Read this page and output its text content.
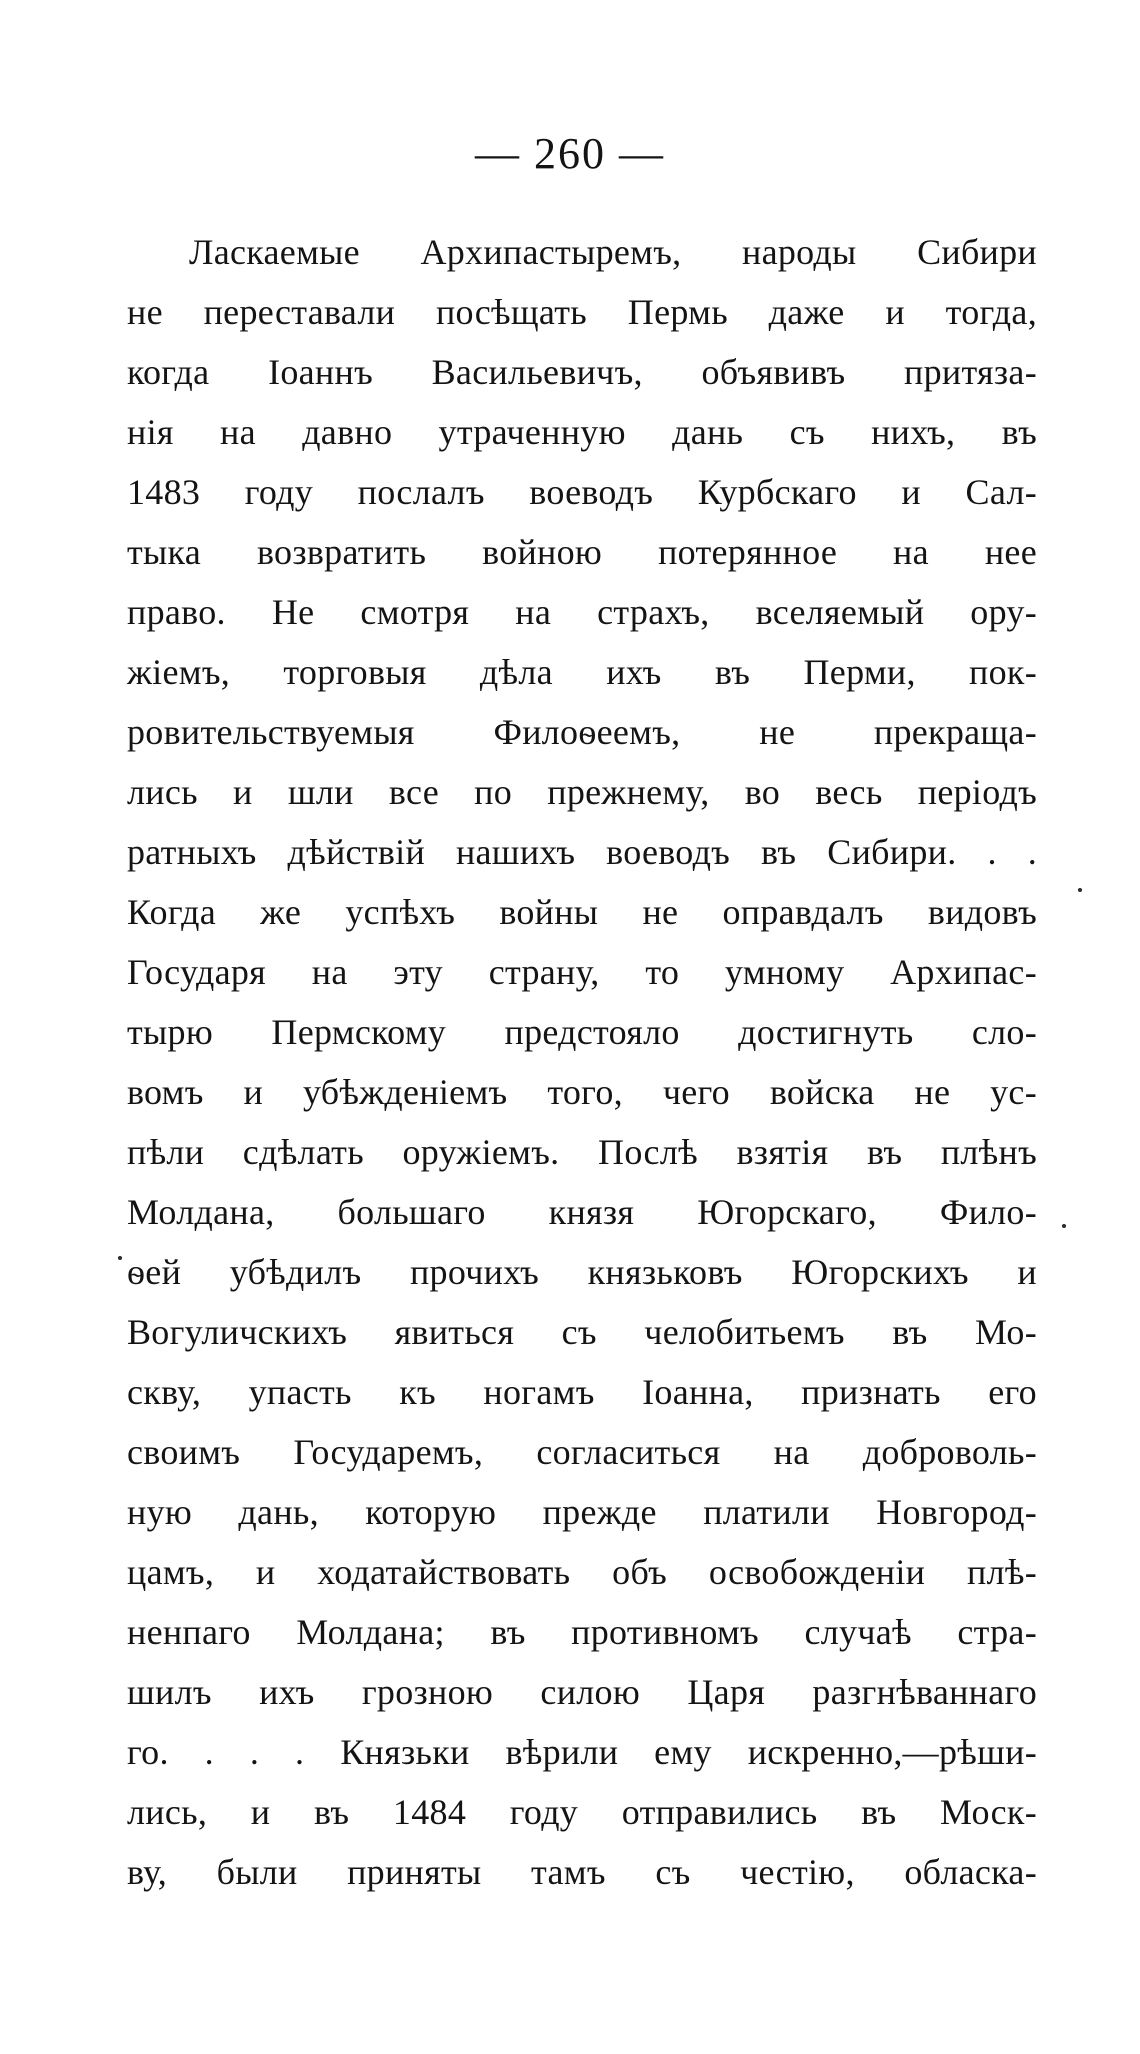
— 260 —
Ласкаемые Архипастыремъ, народы Сибири
не переставали посѣщать Пермь даже и тогда,
когда Іоаннъ Васильевичъ, объявивъ притяза-
нія на давно утраченную дань съ нихъ, въ
1483 году послалъ воеводъ Курбскаго и Сал-
тыка возвратить войною потерянное на нее
право. Не смотря на страхъ, вселяемый ору-
жіемъ, торговыя дѣла ихъ въ Перми, пок-
ровительствуемыя Филоѳеемъ, не прекраща-
лись и шли все по прежнему, во весь періодъ
ратныхъ дѣйствій нашихъ воеводъ въ Сибири. . .
Когда же успѣхъ войны не оправдалъ видовъ
Государя на эту страну, то умному Архипас-
тырю Пермскому предстояло достигнуть сло-
вомъ и убѣжденіемъ того, чего войска не ус-
пѣли сдѣлать оружіемъ. Послѣ взятія въ плѣнъ
Молдана, большаго князя Югорскаго, Фило-
ѳей убѣдилъ прочихъ князьковъ Югорскихъ и
Вогуличскихъ явиться съ челобитьемъ въ Мо-
скву, упасть къ ногамъ Іоанна, признать его
своимъ Государемъ, согласиться на доброволь-
ную дань, которую прежде платили Новгород-
цамъ, и ходатайствовать объ освобожденіи плѣ-
ненпаго Молдана; въ противномъ случаѣ стра-
шилъ ихъ грозною силою Царя разгнѣваннаго
го. . . . Князьки вѣрили ему искренно,—рѣши-
лись, и въ 1484 году отправились въ Моск-
ву, были приняты тамъ съ честію, обласка-
